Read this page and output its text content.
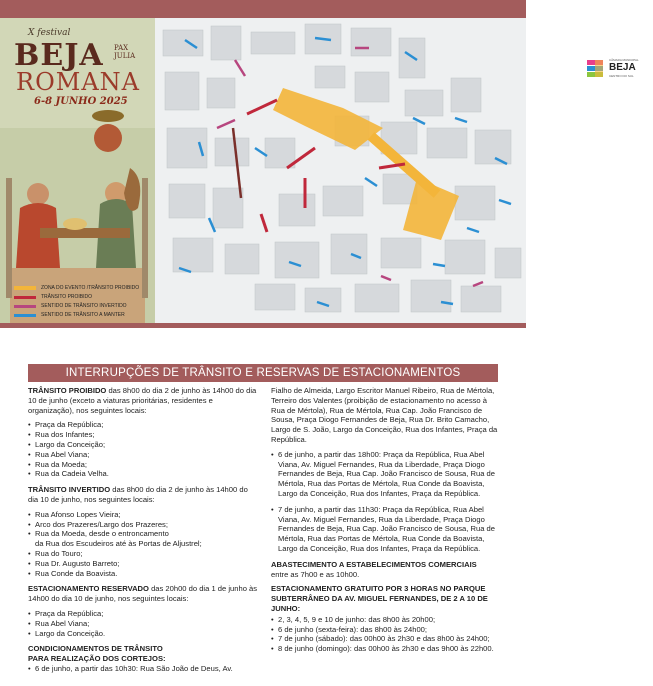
X festival
BEJA PAX
JULIA
ROMANA
6-8 JUNHO 2025
CÂMARA MUNICIPAL
BEJA
CENTRO DO SUL
ZONA DO EVENTO /TRÂNSITO PROIBIDO
TRÂNSITO PROIBIDO
SENTIDO DE TRÂNSITO INVERTIDO
SENTIDO DE TRÂNSITO A MANTER
INTERRUPÇÕES DE TRÂNSITO E RESERVAS DE ESTACIONAMENTOS

TRÂNSITO PROIBIDO das 8h00 do dia 2 de junho às 14h00 do dia 10 de junho (exceto a viaturas prioritárias, residentes e organização), nos seguintes locais:

• Praça da República;
• Rua dos Infantes;
• Largo da Conceição;
• Rua Abel Viana;
• Rua da Moeda;
• Rua da Cadeia Velha.

TRÂNSITO INVERTIDO das 8h00 do dia 2 de junho às 14h00 do dia 10 de junho, nos seguintes locais:

• Rua Afonso Lopes Vieira;
• Arco dos Prazeres/Largo dos Prazeres;
• Rua da Moeda, desde o entroncamento
da Rua dos Escudeiros até às Portas de Aljustrel;
• Rua do Touro;
• Rua Dr. Augusto Barreto;
• Rua Conde da Boavista.

ESTACIONAMENTO RESERVADO das 20h00 do dia 1 de junho às 14h00 do dia 10 de junho, nos seguintes locais:

• Praça da República;
• Rua Abel Viana;
• Largo da Conceição.

CONDICIONAMENTOS DE TRÂNSITO
PARA REALIZAÇÃO DOS CORTEJOS:

• 6 de junho, a partir das 10h30: Rua São João de Deus, Av.

Fialho de Almeida, Largo Escritor Manuel Ribeiro, Rua de Mértola, Terreiro dos Valentes (proibição de estacionamento no acesso à Rua de Mértola), Rua de Mértola, Rua Cap. João Francisco de Sousa, Praça Diogo Fernandes de Beja, Rua Dr. Brito Camacho, Largo de S. João, Largo da Conceição, Rua dos Infantes, Praça da República.

• 6 de junho, a partir das 18h00: Praça da República, Rua Abel Viana, Av. Miguel Fernandes, Rua da Liberdade, Praça Diogo Fernandes de Beja, Rua Cap. João Francisco de Sousa, Rua de Mértola, Rua das Portas de Mértola, Rua Conde da Boavista, Largo da Conceição, Rua dos Infantes, Praça da República.
• 7 de junho, a partir das 11h30: Praça da República, Rua Abel Viana, Av. Miguel Fernandes, Rua da Liberdade, Praça Diogo Fernandes de Beja, Rua Cap. João Francisco de Sousa, Rua de Mértola, Rua das Portas de Mértola, Rua Conde da Boavista, Largo da Conceição, Rua dos Infantes, Praça da República.

ABASTECIMENTO A ESTABELECIMENTOS COMERCIAIS
entre as 7h00 e as 10h00.

ESTACIONAMENTO GRATUITO POR 3 HORAS NO PARQUE SUBTERRÂNEO DA AV. MIGUEL FERNANDES, DE 2 A 10 DE JUNHO:

• 2, 3, 4, 5, 9 e 10 de junho: das 8h00 às 20h00;
• 6 de junho (sexta-feira): das 8h00 às 24h00;
• 7 de junho (sábado): das 00h00 às 2h30 e das 8h00 às 24h00;
• 8 de junho (domingo): das 00h00 às 2h30 e das 9h00 às 22h00.
